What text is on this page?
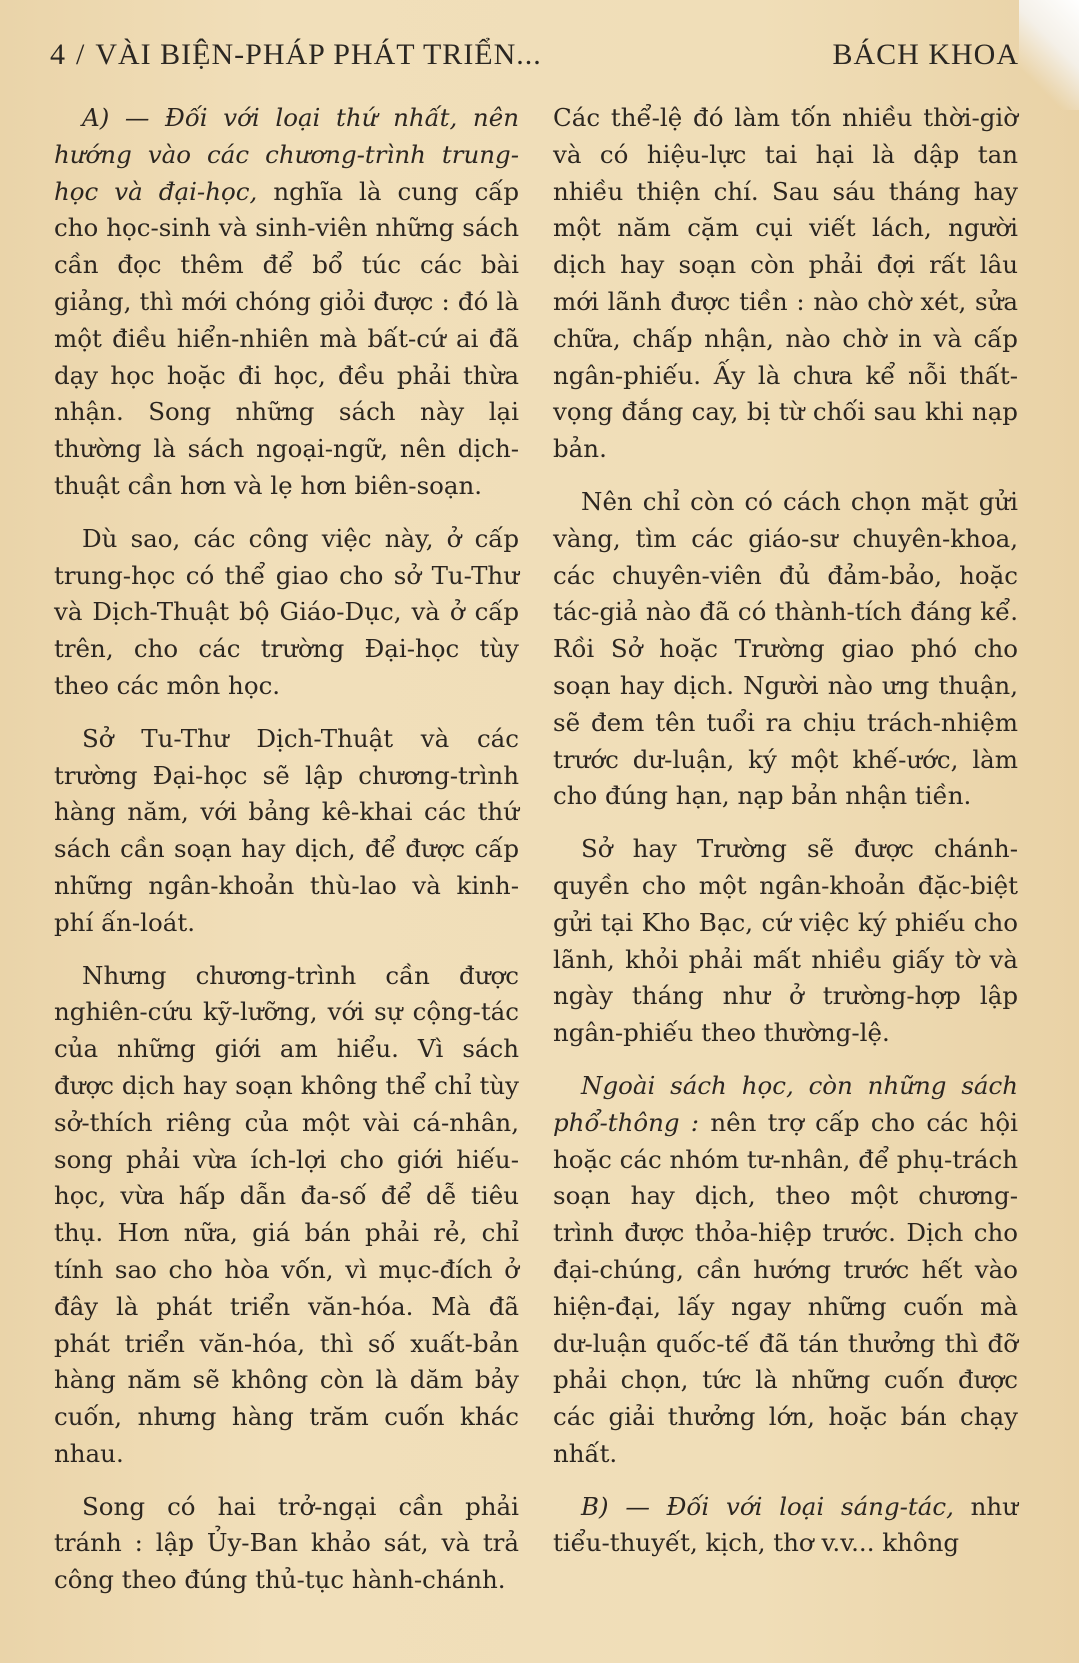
4 / VÀI BIỆN-PHÁP PHÁT TRIỂN...	BÁCH KHOA

A) — Đối với loại thứ nhất, nên hướng vào các chương-trình trung-học và đại-học, nghĩa là cung cấp cho học-sinh và sinh-viên những sách cần đọc thêm để bổ túc các bài giảng, thì mới chóng giỏi được : đó là một điều hiển-nhiên mà bất-cứ ai đã dạy học hoặc đi học, đều phải thừa nhận. Song những sách này lại thường là sách ngoại-ngữ, nên dịch-thuật cần hơn và lẹ hơn biên-soạn.

Dù sao, các công việc này, ở cấp trung-học có thể giao cho sở Tu-Thư và Dịch-Thuật bộ Giáo-Dục, và ở cấp trên, cho các trường Đại-học tùy theo các môn học.

Sở Tu-Thư Dịch-Thuật và các trường Đại-học sẽ lập chương-trình hàng năm, với bảng kê-khai các thứ sách cần soạn hay dịch, để được cấp những ngân-khoản thù-lao và kinh-phí ấn-loát.

Nhưng chương-trình cần được nghiên-cứu kỹ-lưỡng, với sự cộng-tác của những giới am hiểu. Vì sách được dịch hay soạn không thể chỉ tùy sở-thích riêng của một vài cá-nhân, song phải vừa ích-lợi cho giới hiếu-học, vừa hấp dẫn đa-số để dễ tiêu thụ. Hơn nữa, giá bán phải rẻ, chỉ tính sao cho hòa vốn, vì mục-đích ở đây là phát triển văn-hóa. Mà đã phát triển văn-hóa, thì số xuất-bản hàng năm sẽ không còn là dăm bảy cuốn, nhưng hàng trăm cuốn khác nhau.

Song có hai trở-ngại cần phải tránh : lập Ủy-Ban khảo sát, và trả công theo đúng thủ-tục hành-chánh.

Các thể-lệ đó làm tốn nhiều thời-giờ và có hiệu-lực tai hại là dập tan nhiều thiện chí. Sau sáu tháng hay một năm cặm cụi viết lách, người dịch hay soạn còn phải đợi rất lâu mới lãnh được tiền : nào chờ xét, sửa chữa, chấp nhận, nào chờ in và cấp ngân-phiếu. Ấy là chưa kể nỗi thất-vọng đắng cay, bị từ chối sau khi nạp bản.

Nên chỉ còn có cách chọn mặt gửi vàng, tìm các giáo-sư chuyên-khoa, các chuyên-viên đủ đảm-bảo, hoặc tác-giả nào đã có thành-tích đáng kể. Rồi Sở hoặc Trường giao phó cho soạn hay dịch. Người nào ưng thuận, sẽ đem tên tuổi ra chịu trách-nhiệm trước dư-luận, ký một khế-ước, làm cho đúng hạn, nạp bản nhận tiền.

Sở hay Trường sẽ được chánh-quyền cho một ngân-khoản đặc-biệt gửi tại Kho Bạc, cứ việc ký phiếu cho lãnh, khỏi phải mất nhiều giấy tờ và ngày tháng như ở trường-hợp lập ngân-phiếu theo thường-lệ.

Ngoài sách học, còn những sách phổ-thông : nên trợ cấp cho các hội hoặc các nhóm tư-nhân, để phụ-trách soạn hay dịch, theo một chương-trình được thỏa-hiệp trước. Dịch cho đại-chúng, cần hướng trước hết vào hiện-đại, lấy ngay những cuốn mà dư-luận quốc-tế đã tán thưởng thì đỡ phải chọn, tức là những cuốn được các giải thưởng lớn, hoặc bán chạy nhất.

B) — Đối với loại sáng-tác, như tiểu-thuyết, kịch, thơ v.v... không
